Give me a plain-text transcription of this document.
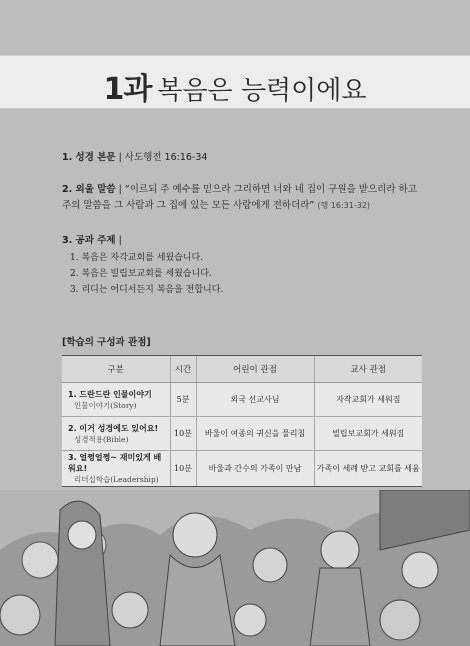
1과 복음은 능력이에요
1. 성경 본문 | 사도행전 16:16-34
2. 외울 말씀 | “이르되 주 예수를 믿으라 그리하면 너와 네 집이 구원을 받으리라 하고 주의 말씀을 그 사람과 그 집에 있는 모든 사람에게 전하더라” (행 16:31-32)
3. 공과 주제 |
1. 복음은 자각교회를 세웠습니다.
2. 복음은 빌립보교회를 세웠습니다.
3. 리디는 어디서든지 복음을 전합니다.
[학습의 구성과 관점]
구분	시간	어린이 관점	교사 관점

1. 드란드란 인물이야기
인물이야기(Story)	5분	외국 선교사님	자작교회가 세워짐

2. 이거 성경에도 있어요!
성경적용(Bible)	10분	바울이 여종의 귀신을 물리침	빌립보교회가 세워짐

3. 얼쩡얼쩡~ 재미있게 배워요!
리더십학습(Leadership)	10분	바울과 간수의 가족이 만남	가족이 세례 받고 교회를 세움
